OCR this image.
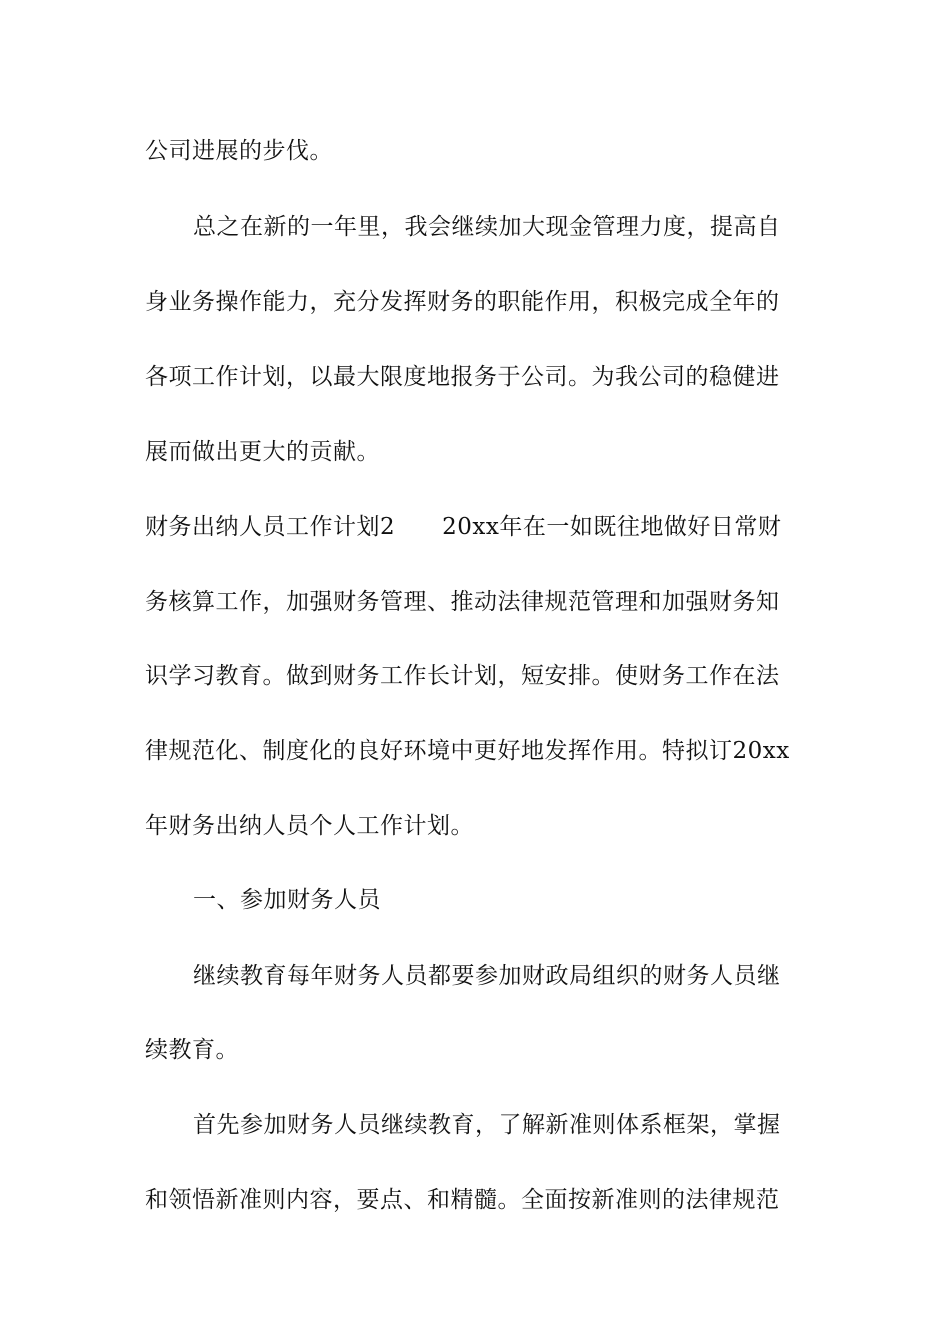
公司进展的步伐。

总之在新的一年里，我会继续加大现金管理力度，提高自

身业务操作能力，充分发挥财务的职能作用，积极完成全年的

各项工作计划，以最大限度地报务于公司。为我公司的稳健进

展而做出更大的贡献。

财务出纳人员工作计划2　　20xx年在一如既往地做好日常财

务核算工作，加强财务管理、推动法律规范管理和加强财务知

识学习教育。做到财务工作长计划，短安排。使财务工作在法

律规范化、制度化的良好环境中更好地发挥作用。特拟订20xx

年财务出纳人员个人工作计划。

一、参加财务人员

继续教育每年财务人员都要参加财政局组织的财务人员继

续教育。

首先参加财务人员继续教育，了解新准则体系框架，掌握

和领悟新准则内容，要点、和精髓。全面按新准则的法律规范
